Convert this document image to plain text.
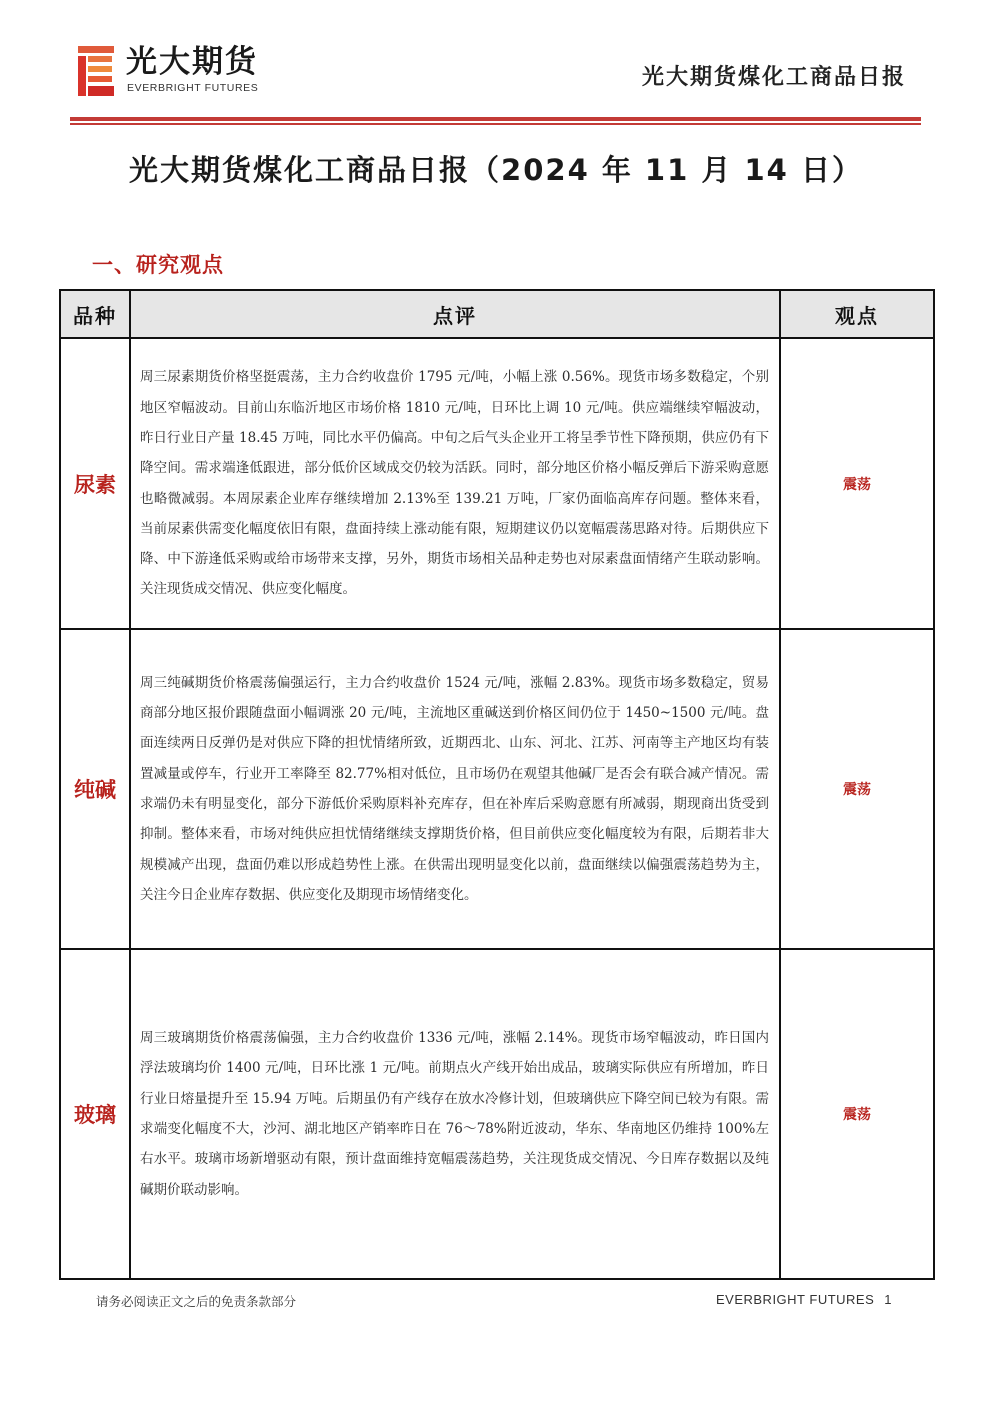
光大期货
EVERBRIGHT FUTURES	光大期货煤化工商品日报
光大期货煤化工商品日报（2024 年 11 月 14 日）
一、研究观点
品种	点评	观点
尿素	周三尿素期货价格坚挺震荡，主力合约收盘价 1795 元/吨，小幅上涨 0.56%。现货市场多数稳定，个别地区窄幅波动。目前山东临沂地区市场价格 1810 元/吨，日环比上调 10 元/吨。供应端继续窄幅波动，昨日行业日产量 18.45 万吨，同比水平仍偏高。中旬之后气头企业开工将呈季节性下降预期，供应仍有下降空间。需求端逢低跟进，部分低价区域成交仍较为活跃。同时，部分地区价格小幅反弹后下游采购意愿也略微减弱。本周尿素企业库存继续增加 2.13%至 139.21 万吨，厂家仍面临高库存问题。整体来看，当前尿素供需变化幅度依旧有限，盘面持续上涨动能有限，短期建议仍以宽幅震荡思路对待。后期供应下降、中下游逢低采购或给市场带来支撑，另外，期货市场相关品种走势也对尿素盘面情绪产生联动影响。关注现货成交情况、供应变化幅度。	震荡
纯碱	周三纯碱期货价格震荡偏强运行，主力合约收盘价 1524 元/吨，涨幅 2.83%。现货市场多数稳定，贸易商部分地区报价跟随盘面小幅调涨 20 元/吨，主流地区重碱送到价格区间仍位于 1450~1500 元/吨。盘面连续两日反弹仍是对供应下降的担忧情绪所致，近期西北、山东、河北、江苏、河南等主产地区均有装置减量或停车，行业开工率降至 82.77%相对低位，且市场仍在观望其他碱厂是否会有联合减产情况。需求端仍未有明显变化，部分下游低价采购原料补充库存，但在补库后采购意愿有所减弱，期现商出货受到抑制。整体来看，市场对纯供应担忧情绪继续支撑期货价格，但目前供应变化幅度较为有限，后期若非大规模减产出现，盘面仍难以形成趋势性上涨。在供需出现明显变化以前，盘面继续以偏强震荡趋势为主，关注今日企业库存数据、供应变化及期现市场情绪变化。	震荡
玻璃	周三玻璃期货价格震荡偏强，主力合约收盘价 1336 元/吨，涨幅 2.14%。现货市场窄幅波动，昨日国内浮法玻璃均价 1400 元/吨，日环比涨 1 元/吨。前期点火产线开始出成品，玻璃实际供应有所增加，昨日行业日熔量提升至 15.94 万吨。后期虽仍有产线存在放水冷修计划，但玻璃供应下降空间已较为有限。需求端变化幅度不大，沙河、湖北地区产销率昨日在 76～78%附近波动，华东、华南地区仍维持 100%左右水平。玻璃市场新增驱动有限，预计盘面维持宽幅震荡趋势，关注现货成交情况、今日库存数据以及纯碱期价联动影响。	震荡
请务必阅读正文之后的免责条款部分	EVERBRIGHT FUTURES 1
